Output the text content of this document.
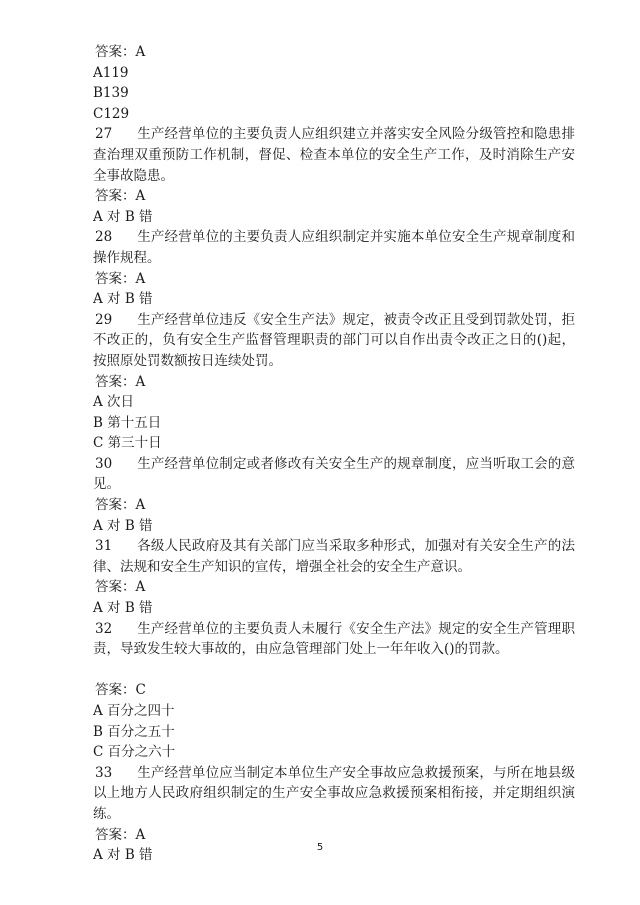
答案：A
A119
B139
C129
27 生产经营单位的主要负责人应组织建立并落实安全风险分级管控和隐患排查治理双重预防工作机制，督促、检查本单位的安全生产工作，及时消除生产安全事故隐患。
答案：A
A 对 B 错
28 生产经营单位的主要负责人应组织制定并实施本单位安全生产规章制度和操作规程。
答案：A
A 对 B 错
29 生产经营单位违反《安全生产法》规定，被责令改正且受到罚款处罚，拒不改正的，负有安全生产监督管理职责的部门可以自作出责令改正之日的()起，按照原处罚数额按日连续处罚。
答案：A
A 次日
B 第十五日
C 第三十日
30 生产经营单位制定或者修改有关安全生产的规章制度，应当听取工会的意见。
答案：A
A 对 B 错
31 各级人民政府及其有关部门应当采取多种形式，加强对有关安全生产的法律、法规和安全生产知识的宣传，增强全社会的安全生产意识。
答案：A
A 对 B 错
32 生产经营单位的主要负责人未履行《安全生产法》规定的安全生产管理职责，导致发生较大事故的，由应急管理部门处上一年年收入()的罚款。
答案：C
A 百分之四十
B 百分之五十
C 百分之六十
33 生产经营单位应当制定本单位生产安全事故应急救援预案，与所在地县级以上地方人民政府组织制定的生产安全事故应急救援预案相衔接，并定期组织演练。
答案：A
A 对 B 错	5
